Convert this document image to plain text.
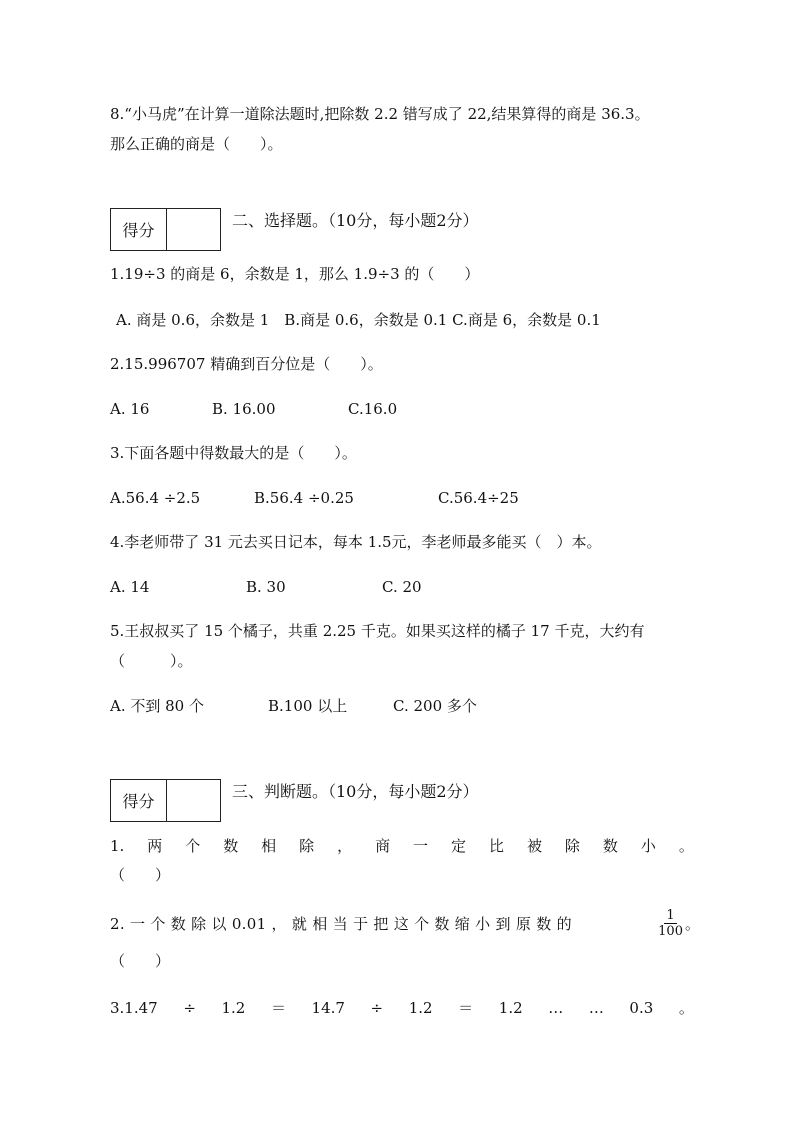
8.“小马虎”在计算一道除法题时,把除数 2.2 错写成了 22,结果算得的商是 36.3。
那么正确的商是（　　）。
得分
二、选择题。（10分，每小题2分）
1.19÷3 的商是 6，余数是 1，那么 1.9÷3 的（　　）
A. 商是 0.6，余数是 1　B.商是 0.6，余数是 0.1 C.商是 6，余数是 0.1
2.15.996707 精确到百分位是（　　）。
A. 16	B. 16.00	C.16.0
3.下面各题中得数最大的是（　　）。
A.56.4 ÷2.5	B.56.4 ÷0.25	C.56.4÷25
4.李老师带了 31 元去买日记本，每本 1.5元，李老师最多能买（　）本。
A. 14	B. 30	C. 20
5.王叔叔买了 15 个橘子，共重 2.25 千克。如果买这样的橘子 17 千克，大约有
（　　　）。
A. 不到 80 个	B.100 以上	C. 200 多个
得分
三、判断题。（10分，每小题2分）
1. 两 个 数 相 除 ， 商 一 定 比 被 除 数 小 。
（　　）
2. 一 个 数 除 以 0.01 ， 就 相 当 于 把 这 个 数 缩 小 到 原 数 的	$\frac{1}{100}$ 。
（　　）
3.1.47 ÷ 1.2 ＝ 14.7 ÷ 1.2 ＝ 1.2 … … 0.3 。
